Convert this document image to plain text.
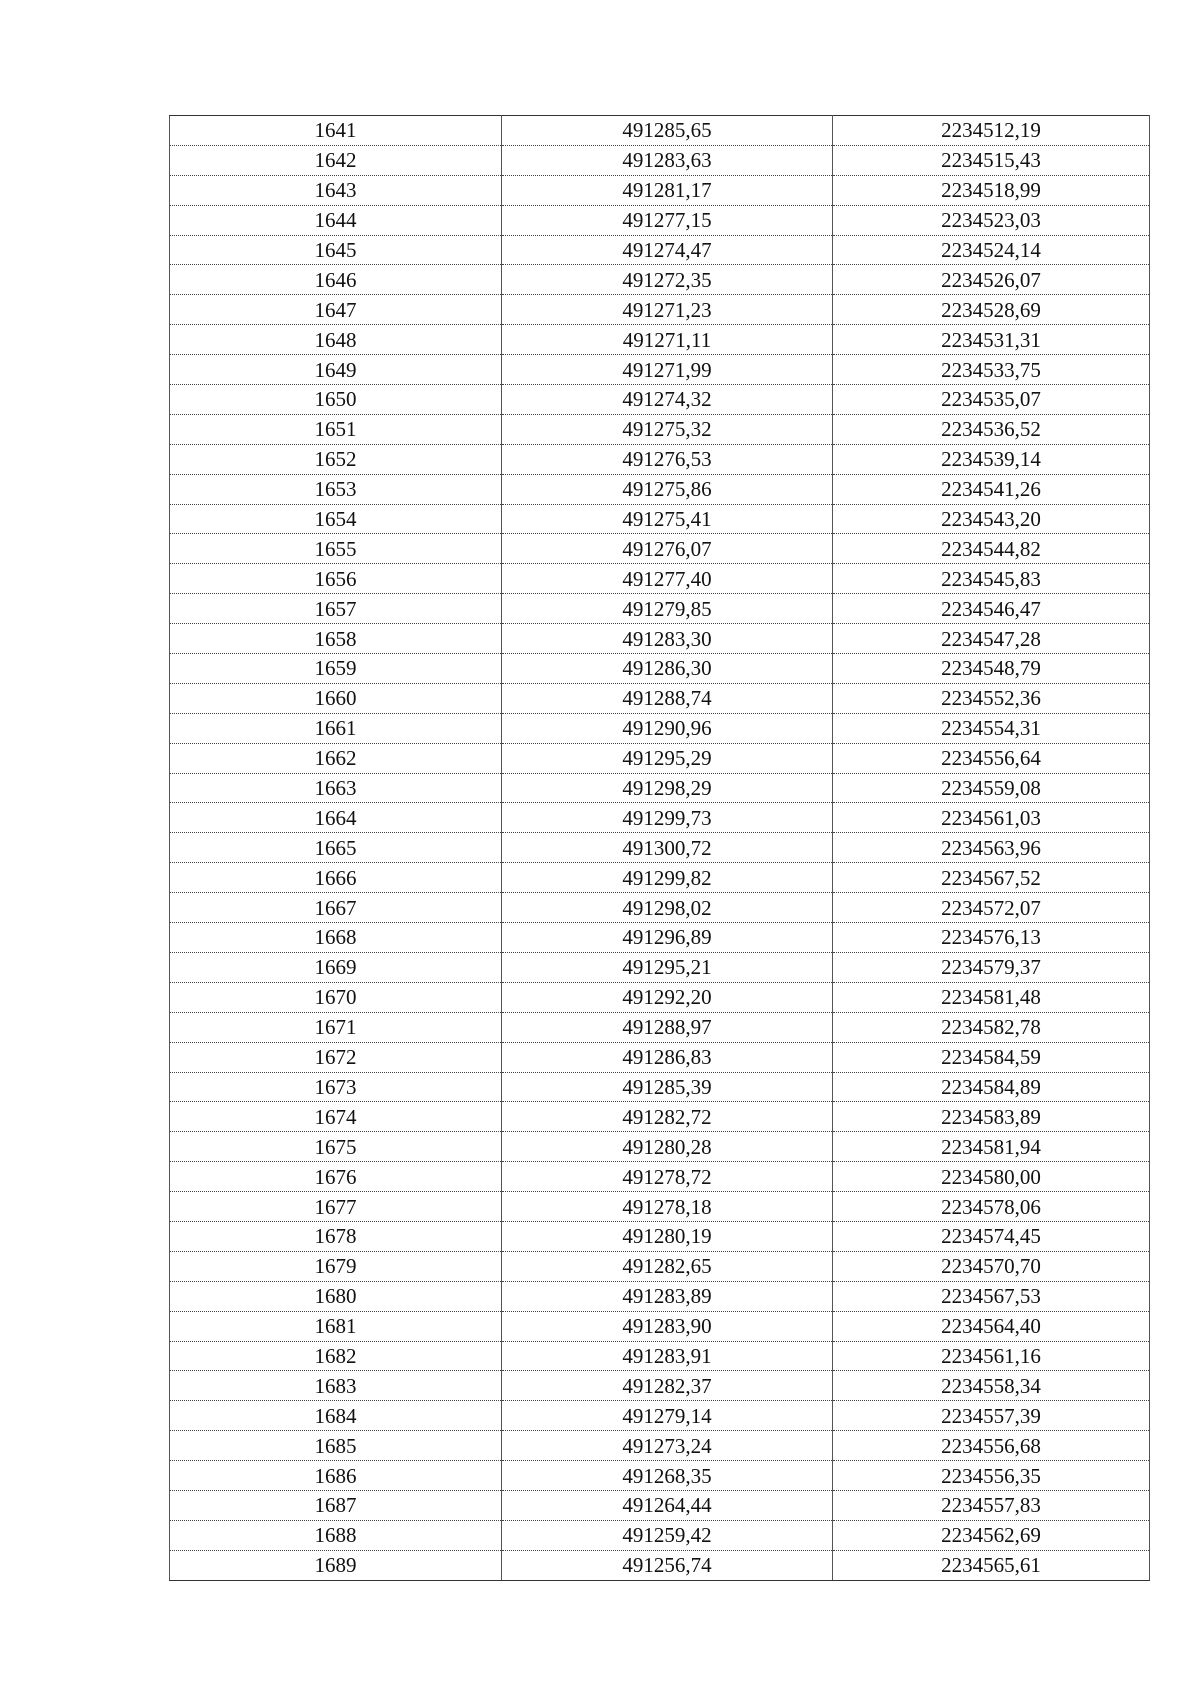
1641	491285,65	2234512,19
1642	491283,63	2234515,43
1643	491281,17	2234518,99
1644	491277,15	2234523,03
1645	491274,47	2234524,14
1646	491272,35	2234526,07
1647	491271,23	2234528,69
1648	491271,11	2234531,31
1649	491271,99	2234533,75
1650	491274,32	2234535,07
1651	491275,32	2234536,52
1652	491276,53	2234539,14
1653	491275,86	2234541,26
1654	491275,41	2234543,20
1655	491276,07	2234544,82
1656	491277,40	2234545,83
1657	491279,85	2234546,47
1658	491283,30	2234547,28
1659	491286,30	2234548,79
1660	491288,74	2234552,36
1661	491290,96	2234554,31
1662	491295,29	2234556,64
1663	491298,29	2234559,08
1664	491299,73	2234561,03
1665	491300,72	2234563,96
1666	491299,82	2234567,52
1667	491298,02	2234572,07
1668	491296,89	2234576,13
1669	491295,21	2234579,37
1670	491292,20	2234581,48
1671	491288,97	2234582,78
1672	491286,83	2234584,59
1673	491285,39	2234584,89
1674	491282,72	2234583,89
1675	491280,28	2234581,94
1676	491278,72	2234580,00
1677	491278,18	2234578,06
1678	491280,19	2234574,45
1679	491282,65	2234570,70
1680	491283,89	2234567,53
1681	491283,90	2234564,40
1682	491283,91	2234561,16
1683	491282,37	2234558,34
1684	491279,14	2234557,39
1685	491273,24	2234556,68
1686	491268,35	2234556,35
1687	491264,44	2234557,83
1688	491259,42	2234562,69
1689	491256,74	2234565,61
